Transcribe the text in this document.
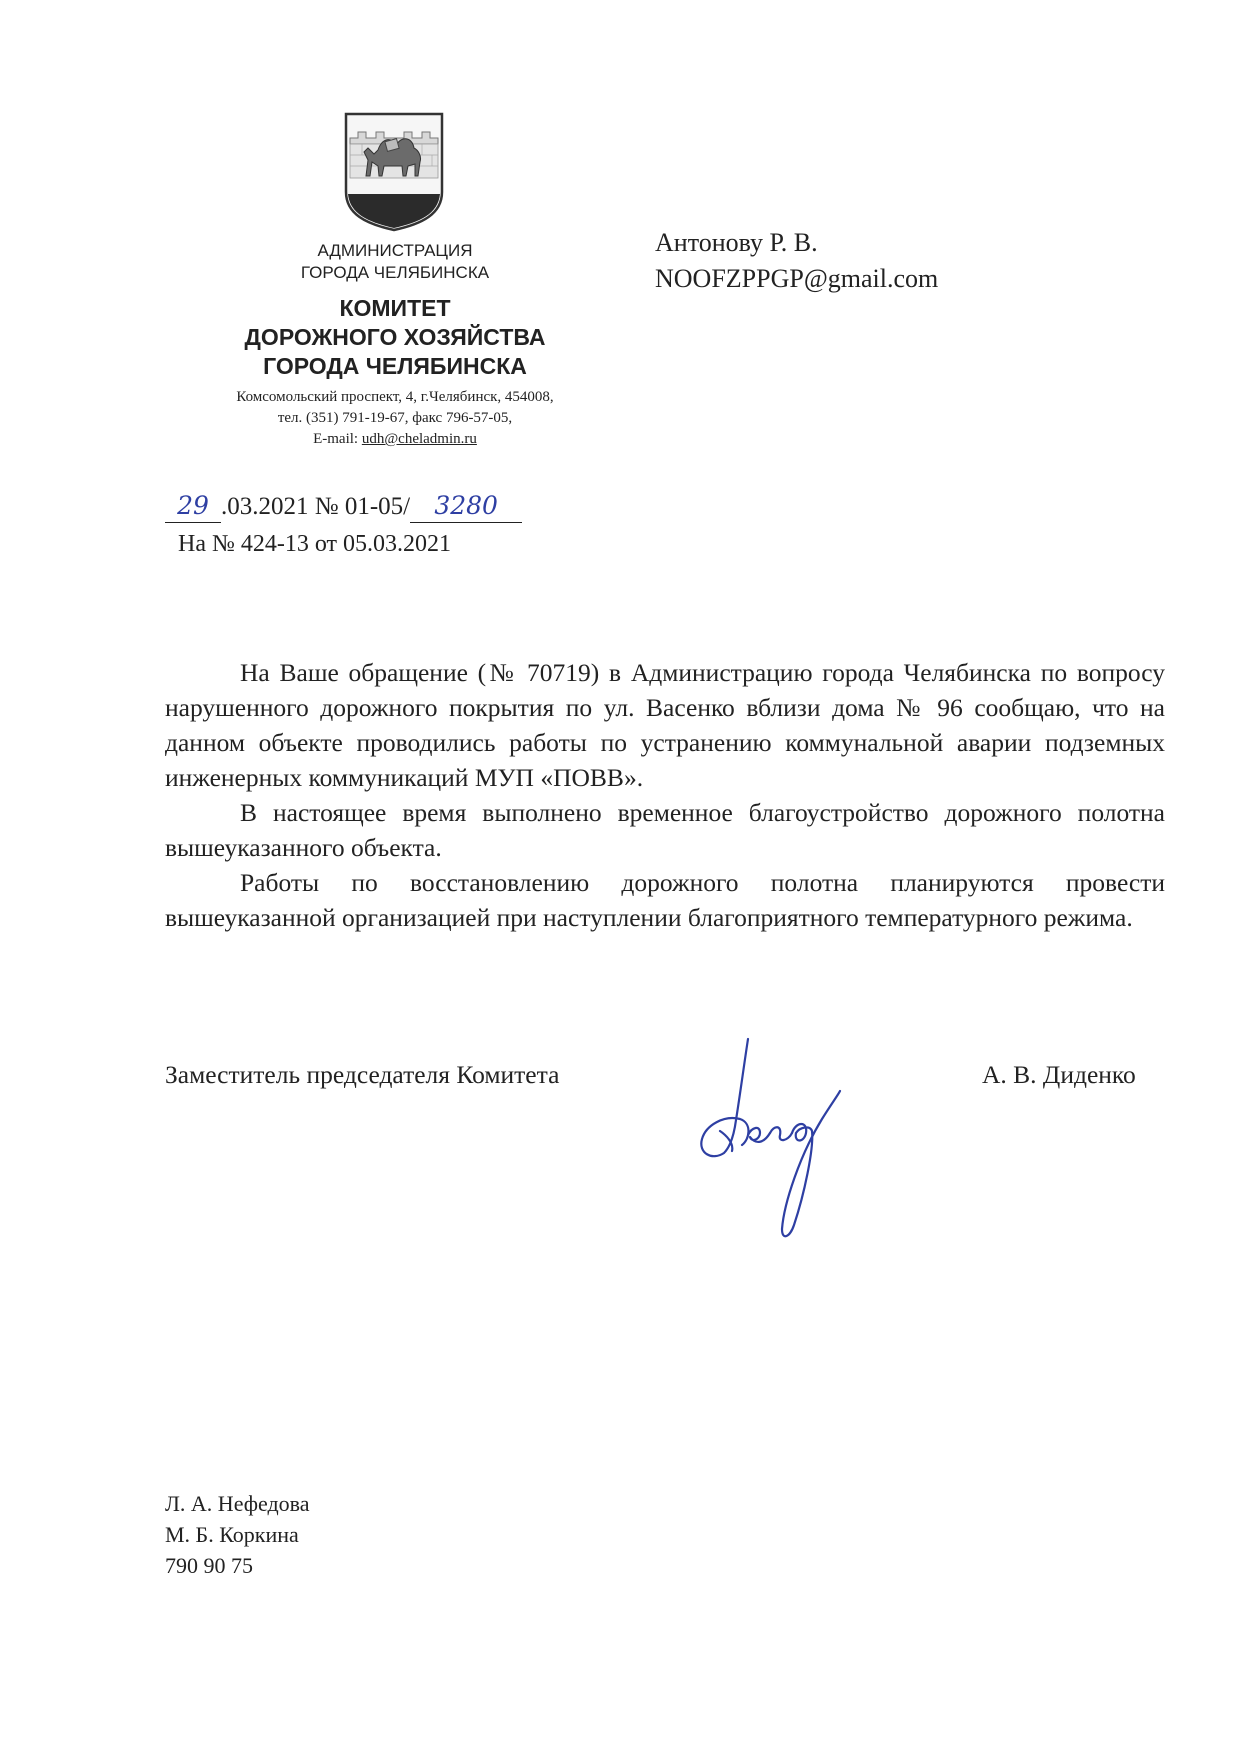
АДМИНИСТРАЦИЯ
ГОРОДА ЧЕЛЯБИНСКА
КОМИТЕТ
ДОРОЖНОГО ХОЗЯЙСТВА
ГОРОДА ЧЕЛЯБИНСКА
Комсомольский проспект, 4, г.Челябинск, 454008,
тел. (351) 791-19-67, факс 796-57-05,
E-mail: udh@cheladmin.ru
Антонову Р. В.
NOOFZPPGP@gmail.com
29 .03.2021 № 01-05/ 3280
На № 424-13 от 05.03.2021

На Ваше обращение (№ 70719) в Администрацию города Челябинска по вопросу нарушенного дорожного покрытия по ул. Васенко вблизи дома № 96 сообщаю, что на данном объекте проводились работы по устранению коммунальной аварии подземных инженерных коммуникаций МУП «ПОВВ».

В настоящее время выполнено временное благоустройство дорожного полотна вышеуказанного объекта.

Работы по восстановлению дорожного полотна планируются провести вышеуказанной организацией при наступлении благоприятного температурного режима.

Заместитель председателя Комитета	А. В. Диденко
Л. А. Нефедова
М. Б. Коркина
790 90 75
